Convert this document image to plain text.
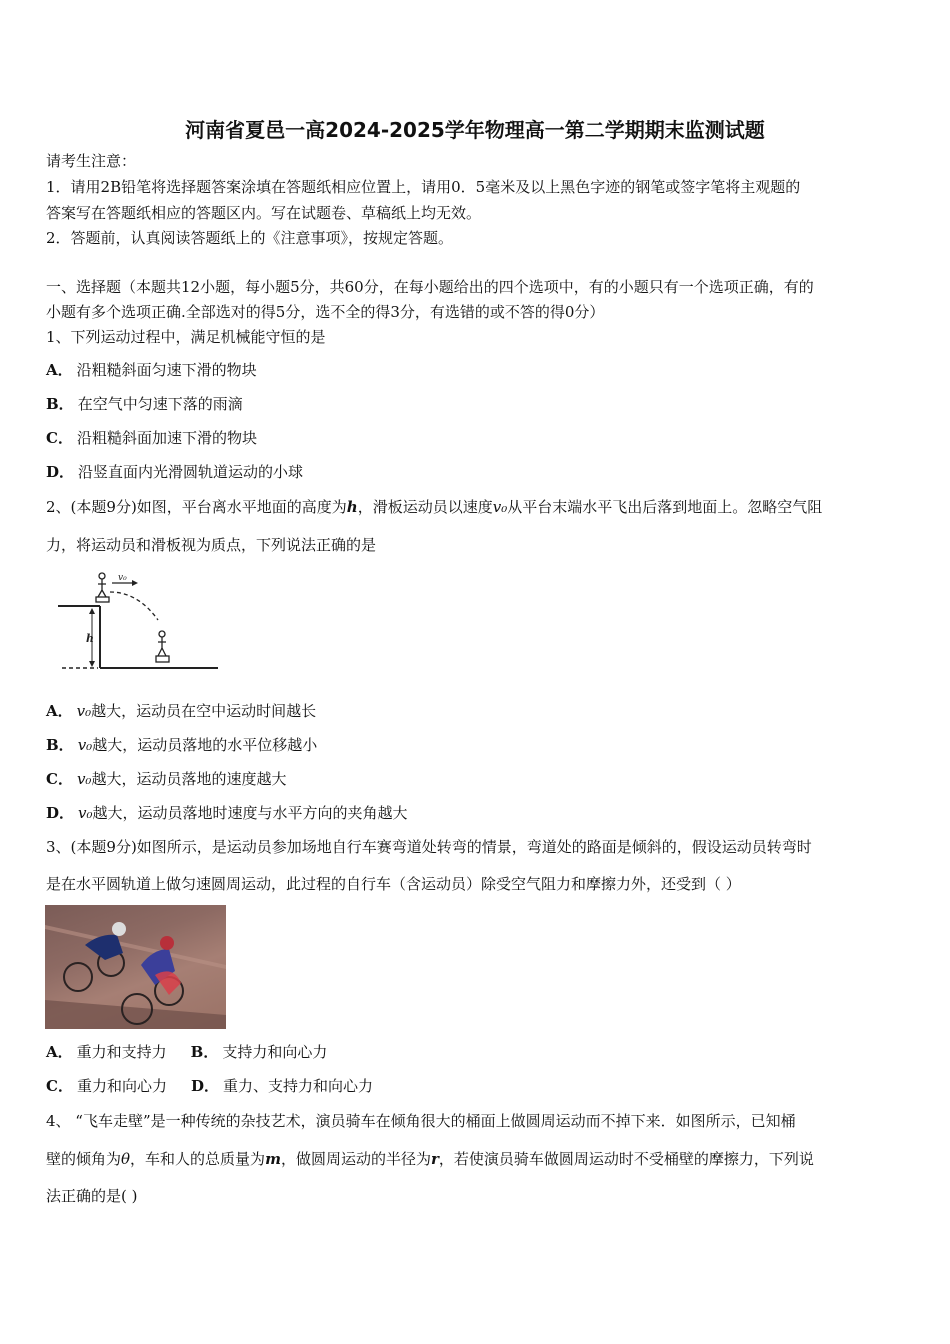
河南省夏邑一高2024-2025学年物理高一第二学期期末监测试题
请考生注意：
1．请用2B铅笔将选择题答案涂填在答题纸相应位置上，请用0．5毫米及以上黑色字迹的钢笔或签字笔将主观题的
答案写在答题纸相应的答题区内。写在试题卷、草稿纸上均无效。
2．答题前，认真阅读答题纸上的《注意事项》，按规定答题。
一、选择题（本题共12小题，每小题5分，共60分，在每小题给出的四个选项中，有的小题只有一个选项正确，有的
小题有多个选项正确.全部选对的得5分，选不全的得3分，有选错的或不答的得0分）
1、下列运动过程中，满足机械能守恒的是
A． 沿粗糙斜面匀速下滑的物块
B． 在空气中匀速下落的雨滴
C． 沿粗糙斜面加速下滑的物块
D． 沿竖直面内光滑圆轨道运动的小球
2、(本题9分)如图，平台离水平地面的高度为h，滑板运动员以速度v₀从平台末端水平飞出后落到地面上。忽略空气阻
力，将运动员和滑板视为质点，下列说法正确的是
h
v₀
A． v₀越大，运动员在空中运动时间越长
B． v₀越大，运动员落地的水平位移越小
C． v₀越大，运动员落地的速度越大
D． v₀越大，运动员落地时速度与水平方向的夹角越大
3、(本题9分)如图所示，是运动员参加场地自行车赛弯道处转弯的情景，弯道处的路面是倾斜的，假设运动员转弯时
是在水平圆轨道上做匀速圆周运动，此过程的自行车（含运动员）除受空气阻力和摩擦力外，还受到（ ）
A． 重力和支持力 B． 支持力和向心力
C． 重力和向心力 D． 重力、支持力和向心力
4、 “飞车走壁”是一种传统的杂技艺术，演员骑车在倾角很大的桶面上做圆周运动而不掉下来．如图所示，已知桶
壁的倾角为θ，车和人的总质量为m，做圆周运动的半径为r，若使演员骑车做圆周运动时不受桶壁的摩擦力，下列说
法正确的是( )
